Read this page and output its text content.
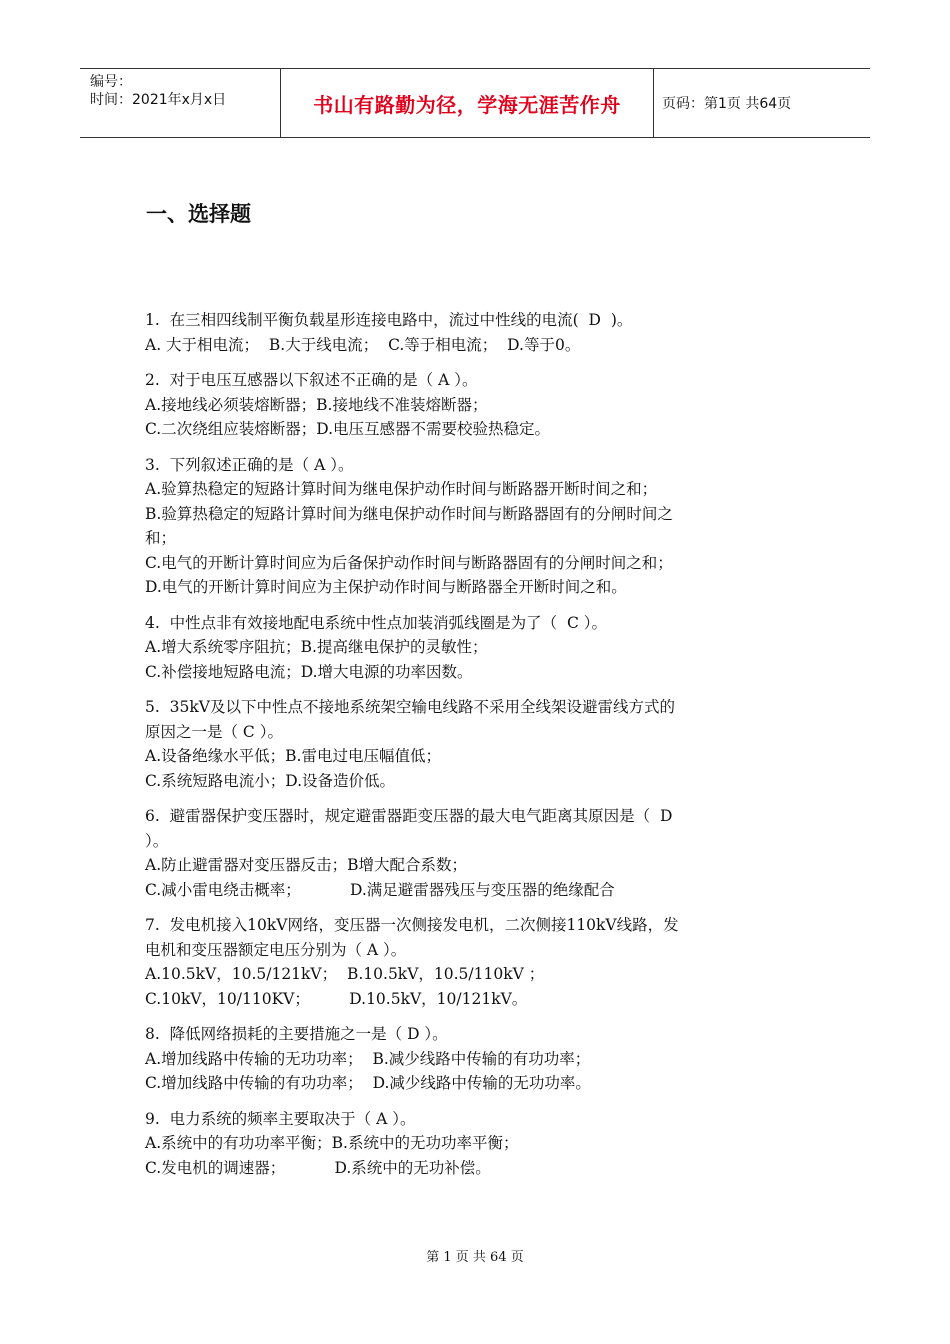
编号：
时间：2021年x月x日	书山有路勤为径，学海无涯苦作舟	页码：第1页 共64页
一、选择题

1.  在三相四线制平衡负载星形连接电路中，流过中性线的电流(  D  )。

A. 大于相电流；  B.大于线电流；  C.等于相电流；  D.等于0。

2.  对于电压互感器以下叙述不正确的是（ A ）。

A.接地线必须装熔断器；B.接地线不准装熔断器；

C.二次绕组应装熔断器；D.电压互感器不需要校验热稳定。

3.  下列叙述正确的是（ A ）。

A.验算热稳定的短路计算时间为继电保护动作时间与断路器开断时间之和；

B.验算热稳定的短路计算时间为继电保护动作时间与断路器固有的分闸时间之

和；

C.电气的开断计算时间应为后备保护动作时间与断路器固有的分闸时间之和；

D.电气的开断计算时间应为主保护动作时间与断路器全开断时间之和。

4.  中性点非有效接地配电系统中性点加装消弧线圈是为了（  C ）。

A.增大系统零序阻抗；B.提高继电保护的灵敏性；

C.补偿接地短路电流；D.增大电源的功率因数。

5.  35kV及以下中性点不接地系统架空输电线路不采用全线架设避雷线方式的

原因之一是（ C ）。

A.设备绝缘水平低；B.雷电过电压幅值低；

C.系统短路电流小；D.设备造价低。

6.  避雷器保护变压器时，规定避雷器距变压器的最大电气距离其原因是（  D

）。

A.防止避雷器对变压器反击；B增大配合系数；

C.减小雷电绕击概率；          D.满足避雷器残压与变压器的绝缘配合

7.  发电机接入10kV网络，变压器一次侧接发电机，二次侧接110kV线路，发

电机和变压器额定电压分别为（ A ）。

A.10.5kV，10.5/121kV；  B.10.5kV，10.5/110kV ；

C.10kV，10/110KV；        D.10.5kV，10/121kV。

8.  降低网络损耗的主要措施之一是（ D ）。

A.增加线路中传输的无功功率；  B.减少线路中传输的有功功率；

C.增加线路中传输的有功功率；  D.减少线路中传输的无功功率。

9.  电力系统的频率主要取决于（ A ）。

A.系统中的有功功率平衡；B.系统中的无功功率平衡；

C.发电机的调速器；          D.系统中的无功补偿。

第 1 页 共 64 页
